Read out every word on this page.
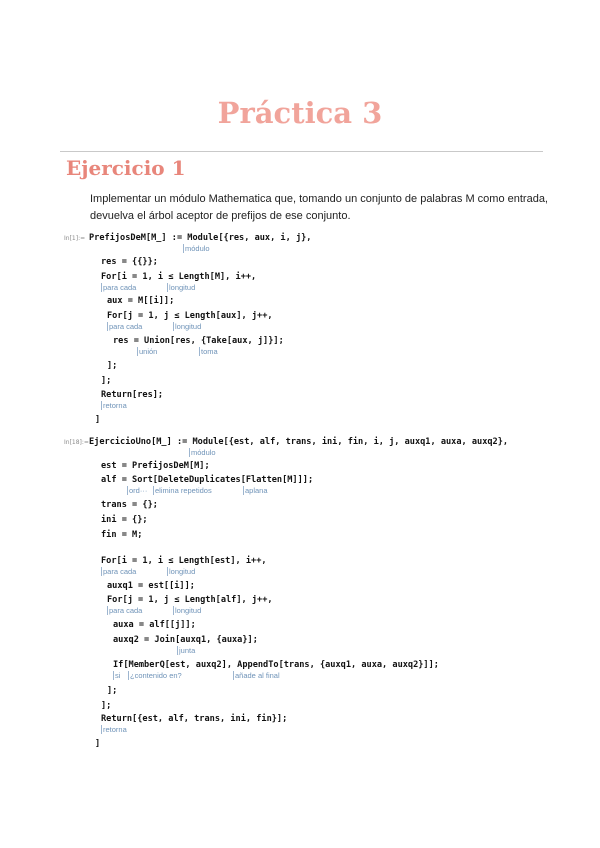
Práctica 3
Ejercicio 1
Implementar un módulo Mathematica que, tomando un conjunto de palabras M como entrada,
devuelva el árbol aceptor de prefijos de ese conjunto.
In[1]:= PrefijosDeM[M_] := Module[{res, aux, i, j},
módulo
res = {{}};
For[i = 1, i ≤ Length[M], i++,
para cada	longitud
aux = M[[i]];
For[j = 1, j ≤ Length[aux], j++,
para cada	longitud
res = Union[res, {Take[aux, j]}];
unión	toma
];
];
Return[res];
retorna
]
In[18]:= EjercicioUno[M_] := Module[{est, alf, trans, ini, fin, i, j, auxq1, auxa, auxq2},
módulo
est = PrefijosDeM[M];
alf = Sort[DeleteDuplicates[Flatten[M]]];
ord··· elimina repetidos	aplana
trans = {};
ini = {};
fin = M;
For[i = 1, i ≤ Length[est], i++,
para cada	longitud
auxq1 = est[[i]];
For[j = 1, j ≤ Length[alf], j++,
para cada	longitud
auxa = alf[[j]];
auxq2 = Join[auxq1, {auxa}];
junta
If[MemberQ[est, auxq2], AppendTo[trans, {auxq1, auxa, auxq2}]];
si ¿contenido en?	añade al final
];
];
Return[{est, alf, trans, ini, fin}];
retorna
]
